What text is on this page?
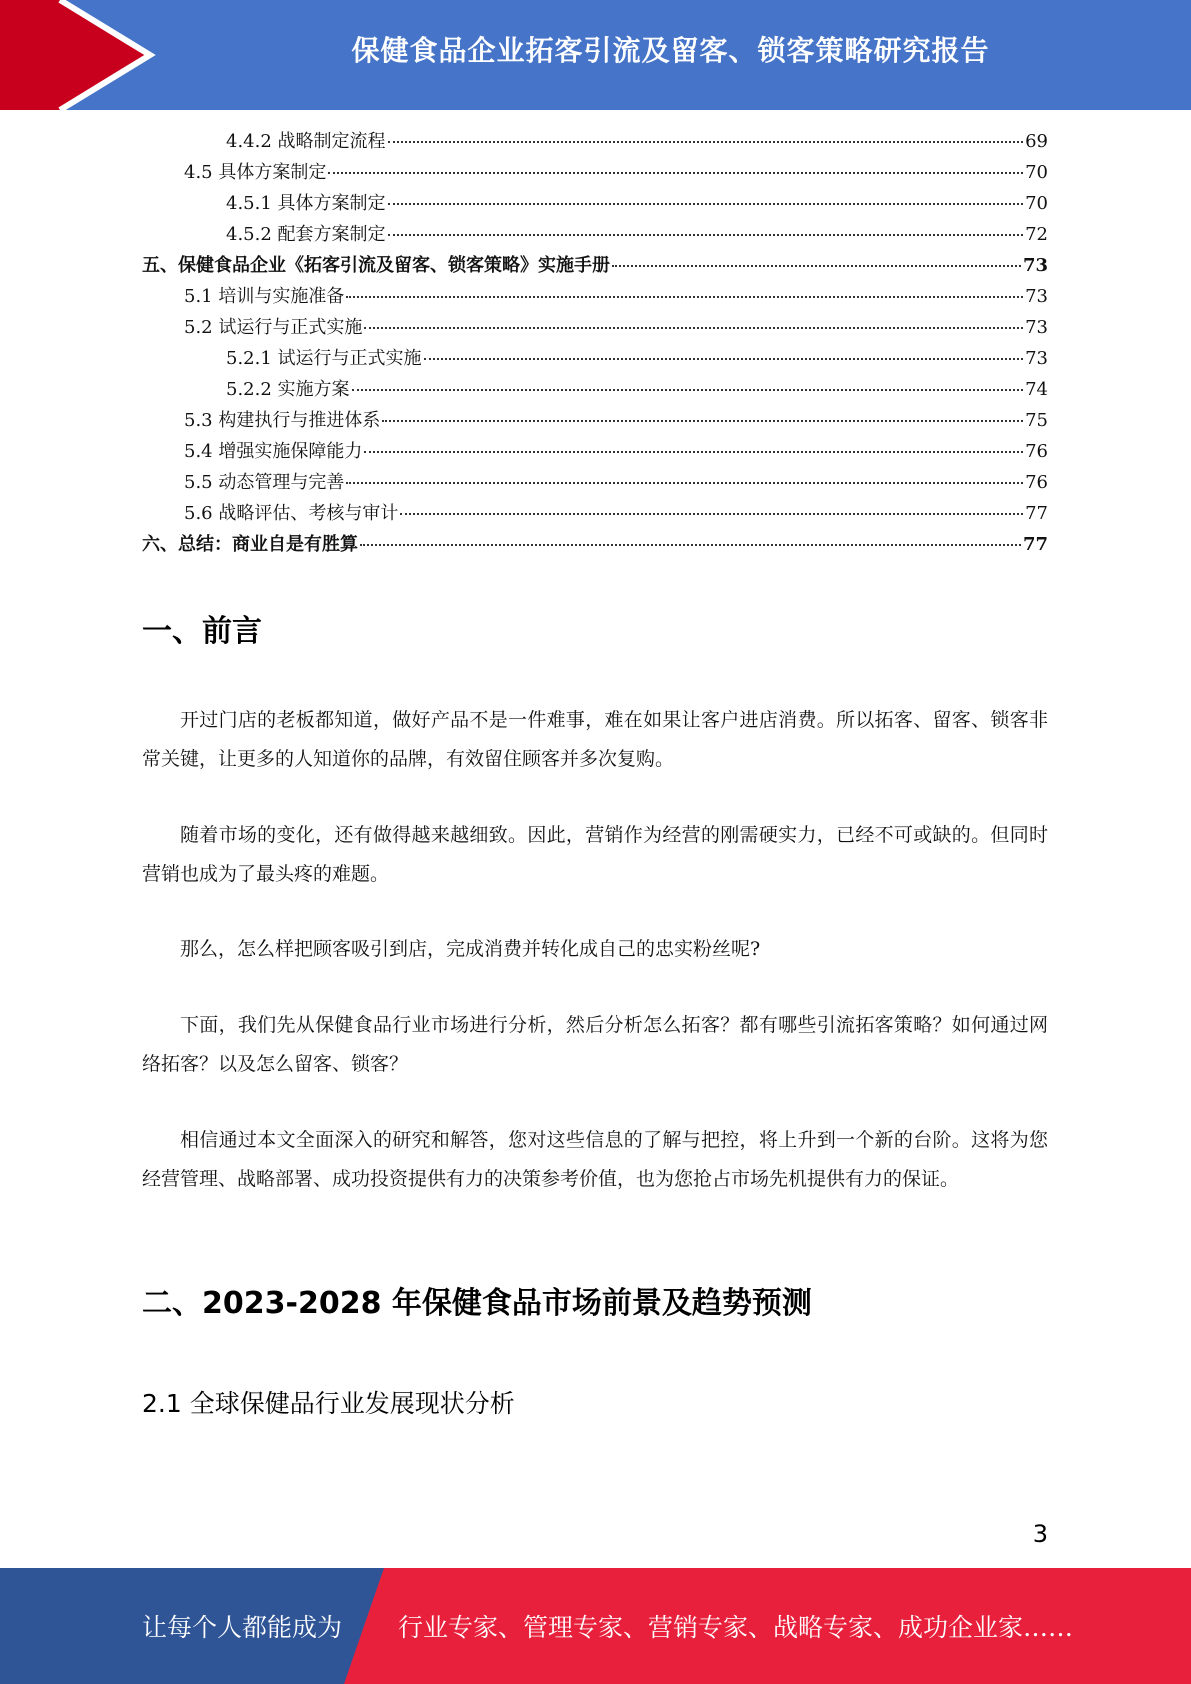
保健食品企业拓客引流及留客、锁客策略研究报告
4.4.2 战略制定流程	69
4.5 具体方案制定	70
4.5.1 具体方案制定	70
4.5.2 配套方案制定	72
五、保健食品企业《拓客引流及留客、锁客策略》实施手册	73
5.1 培训与实施准备	73
5.2 试运行与正式实施	73
5.2.1 试运行与正式实施	73
5.2.2 实施方案	74
5.3 构建执行与推进体系	75
5.4 增强实施保障能力	76
5.5 动态管理与完善	76
5.6 战略评估、考核与审计	77
六、总结：商业自是有胜算	77
一、前言

开过门店的老板都知道，做好产品不是一件难事，难在如果让客户进店消费。所以拓客、留客、锁客非常关键，让更多的人知道你的品牌，有效留住顾客并多次复购。

随着市场的变化，还有做得越来越细致。因此，营销作为经营的刚需硬实力，已经不可或缺的。但同时营销也成为了最头疼的难题。

那么，怎么样把顾客吸引到店，完成消费并转化成自己的忠实粉丝呢?

下面，我们先从保健食品行业市场进行分析，然后分析怎么拓客？都有哪些引流拓客策略？如何通过网络拓客？以及怎么留客、锁客？

相信通过本文全面深入的研究和解答，您对这些信息的了解与把控，将上升到一个新的台阶。这将为您经营管理、战略部署、成功投资提供有力的决策参考价值，也为您抢占市场先机提供有力的保证。

二、2023-2028 年保健食品市场前景及趋势预测
2.1 全球保健品行业发展现状分析
3
让每个人都能成为 行业专家、管理专家、营销专家、战略专家、成功企业家……
